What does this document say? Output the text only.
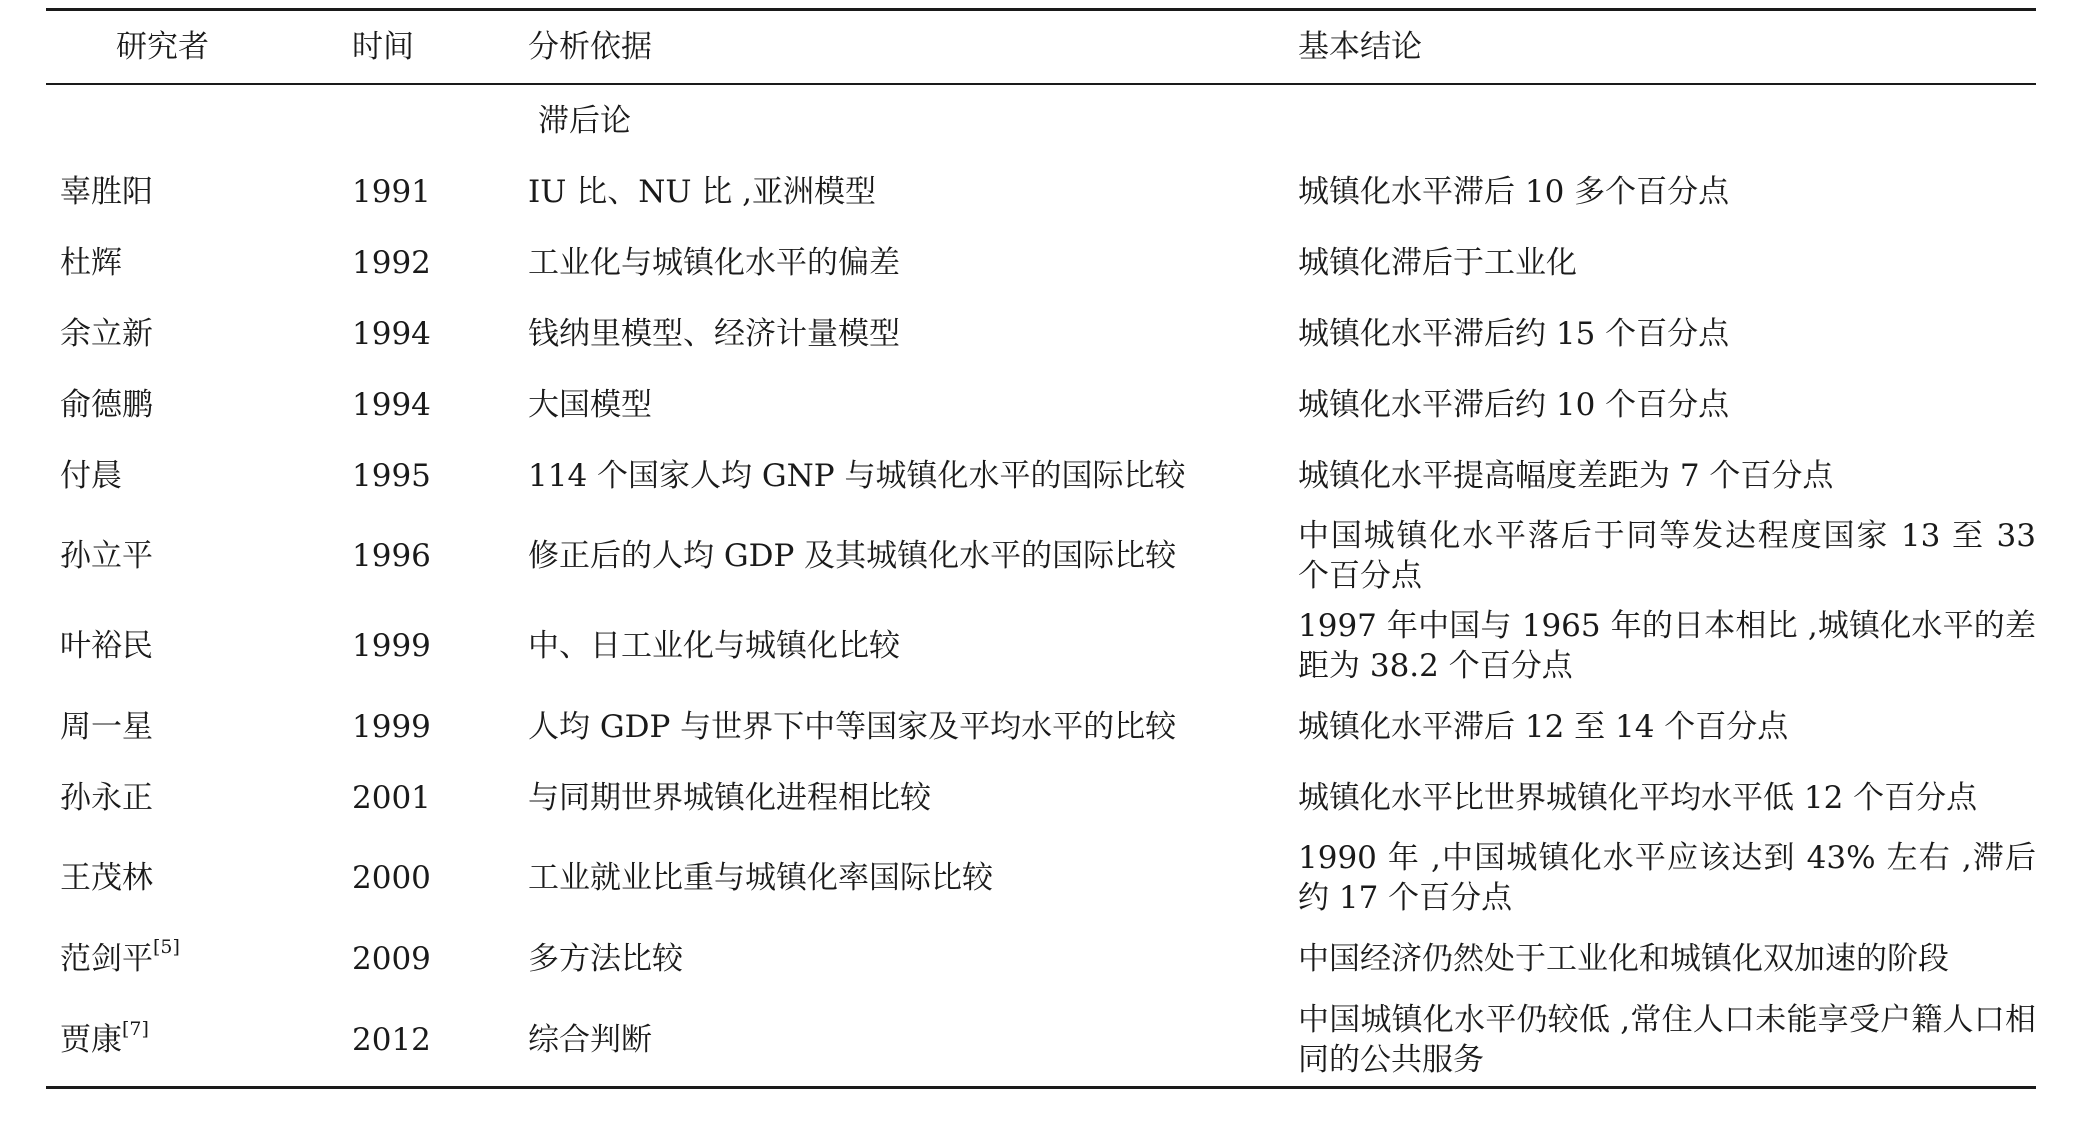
研究者	时间	分析依据	基本结论
		滞后论	
辜胜阳	1991	IU 比、NU 比 ,亚洲模型	城镇化水平滞后 10 多个百分点
杜辉	1992	工业化与城镇化水平的偏差	城镇化滞后于工业化
余立新	1994	钱纳里模型、经济计量模型	城镇化水平滞后约 15 个百分点
俞德鹏	1994	大国模型	城镇化水平滞后约 10 个百分点
付晨	1995	114 个国家人均 GNP 与城镇化水平的国际比较	城镇化水平提高幅度差距为 7 个百分点
孙立平	1996	修正后的人均 GDP 及其城镇化水平的国际比较	中国城镇化水平落后于同等发达程度国家 13 至 33 个百分点
叶裕民	1999	中、日工业化与城镇化比较	1997 年中国与 1965 年的日本相比 ,城镇化水平的差距为 38.2 个百分点
周一星	1999	人均 GDP 与世界下中等国家及平均水平的比较	城镇化水平滞后 12 至 14 个百分点
孙永正	2001	与同期世界城镇化进程相比较	城镇化水平比世界城镇化平均水平低 12 个百分点
王茂林	2000	工业就业比重与城镇化率国际比较	1990 年 ,中国城镇化水平应该达到 43% 左右 ,滞后约 17 个百分点
范剑平[5]	2009	多方法比较	中国经济仍然处于工业化和城镇化双加速的阶段
贾康[7]	2012	综合判断	中国城镇化水平仍较低 ,常住人口未能享受户籍人口相同的公共服务
